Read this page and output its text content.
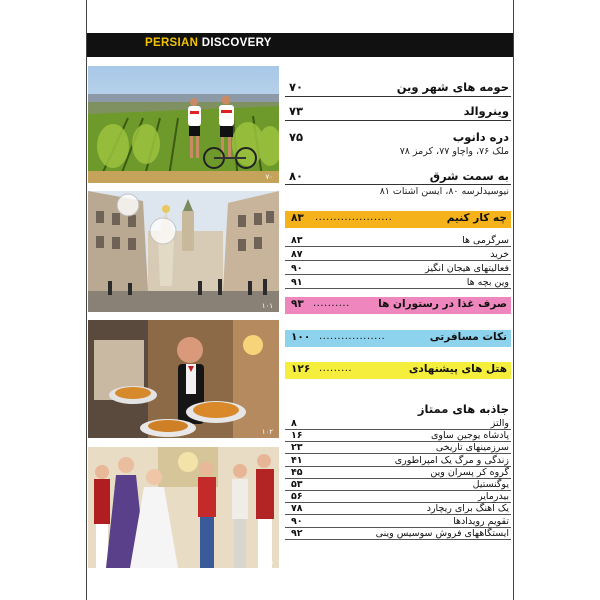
PERSIAN DISCOVERY
۷۰
۱۰۱
۱۰۲
۷۹
حومه های شهر وین
۷۰
وینروالد
۷۳
دره دانوب
۷۵
ملک ۷۶، واچاو ۷۷، کرمز ۷۸
به سمت شرق
۸۰
نیوسیدلرسه ۸۰، ایسن اشتات ۸۱
چه کار کنیم
.....................
۸۳
سرگرمی ها
۸۳
خرید
۸۷
فعالیتهای هیجان انگیز
۹۰
وین بچه ها
۹۱
صرف غذا در رستوران ها
..........
۹۳
نکات مسافرتی
..................
۱۰۰
هتل های پیشنهادی
.........
۱۲۶
جاذبه های ممتاز
والتز
۸
پادشاه یوجین ساوی
۱۶
سرزمینهای تاریخی
۲۳
زندگی و مرگ یک امپراطوری
۴۱
گروه کر پسران وین
۴۵
یوگنستیل
۵۳
بیدرمایر
۵۶
یک آهنگ برای ریچارد
۷۸
تقویم رویدادها
۹۰
ایستگاههای فروش سوسیس وینی
۹۲
